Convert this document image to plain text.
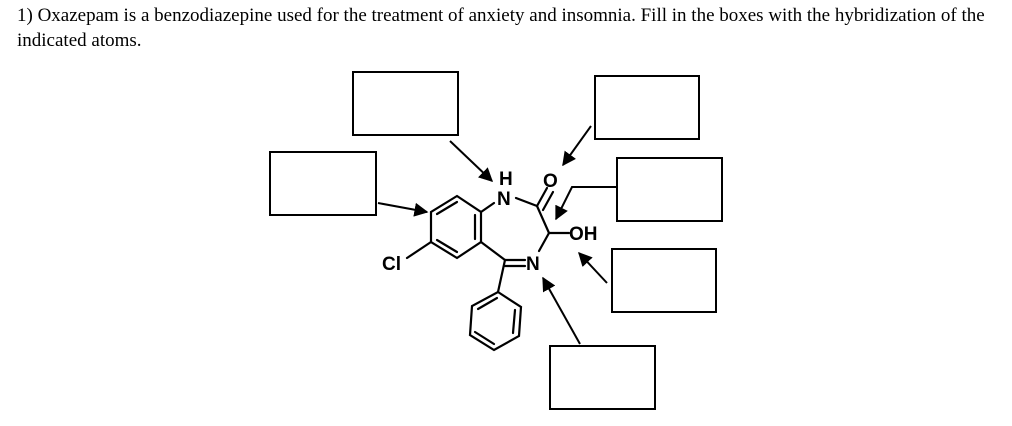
1) Oxazepam is a benzodiazepine used for the treatment of anxiety and insomnia. Fill in the boxes with the hybridization of the indicated atoms.

H
N
O
OH
N
Cl
